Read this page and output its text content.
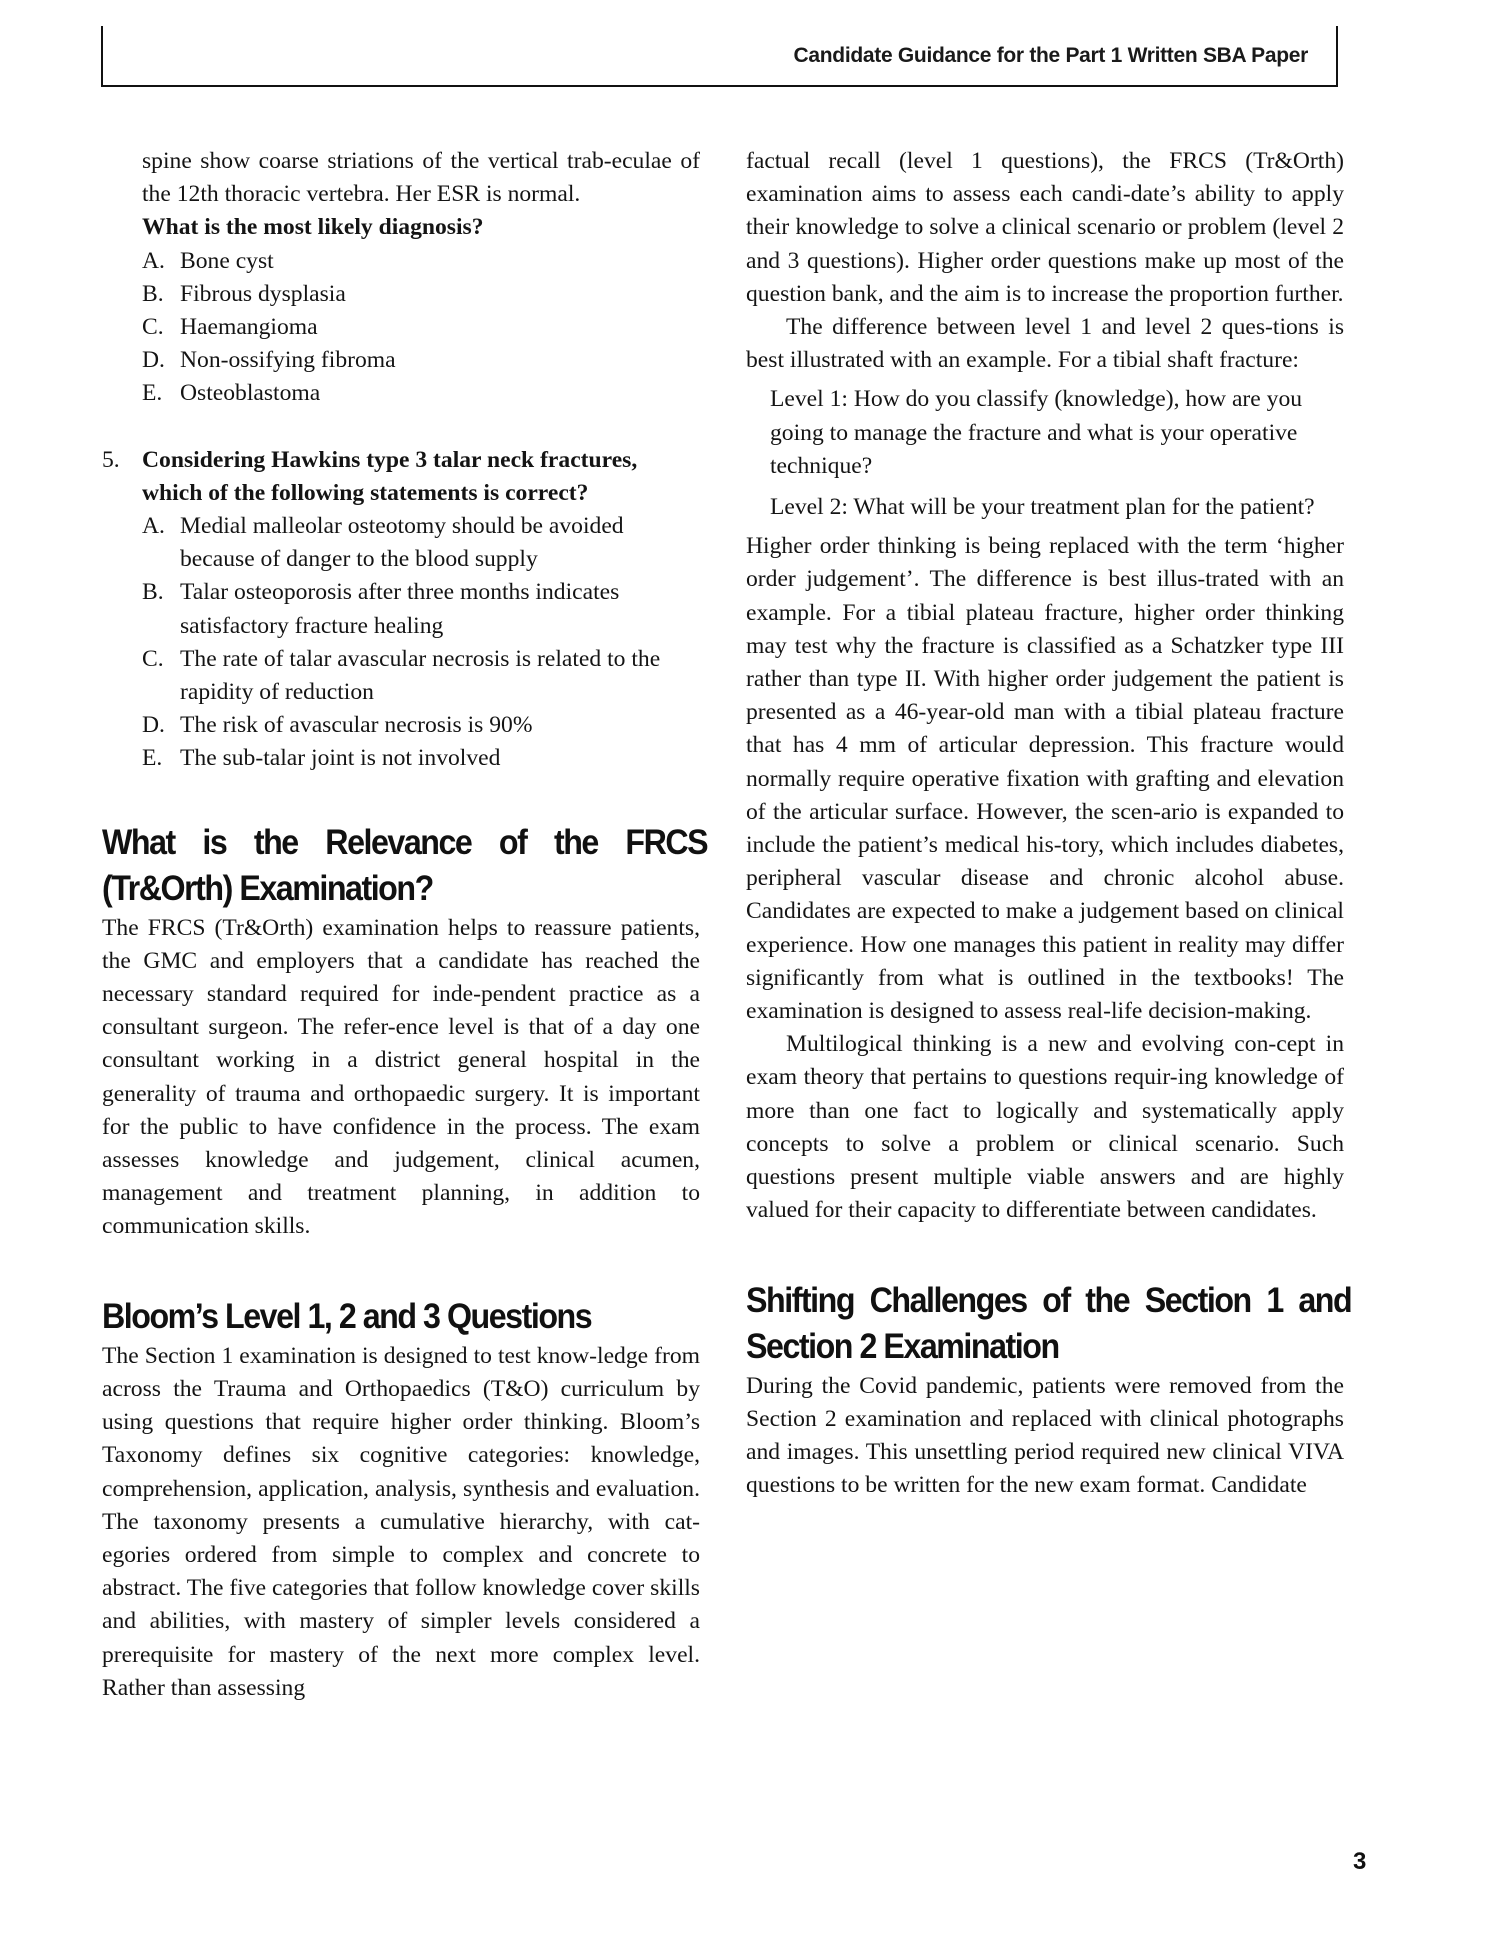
Candidate Guidance for the Part 1 Written SBA Paper

spine show coarse striations of the vertical trab-eculae of the 12th thoracic vertebra. Her ESR is normal.

What is the most likely diagnosis?

A. Bone cyst
B. Fibrous dysplasia
C. Haemangioma
D. Non-ossifying fibroma
E. Osteoblastoma
5. Considering Hawkins type 3 talar neck fractures, which of the following statements is correct?
A. Medial malleolar osteotomy should be avoided because of danger to the blood supply
B. Talar osteoporosis after three months indicates satisfactory fracture healing
C. The rate of talar avascular necrosis is related to the rapidity of reduction
D. The risk of avascular necrosis is 90%
E. The sub-talar joint is not involved
What is the Relevance of the FRCS (Tr&Orth) Examination?

The FRCS (Tr&Orth) examination helps to reassure patients, the GMC and employers that a candidate has reached the necessary standard required for inde-pendent practice as a consultant surgeon. The refer-ence level is that of a day one consultant working in a district general hospital in the generality of trauma and orthopaedic surgery. It is important for the public to have confidence in the process. The exam assesses knowledge and judgement, clinical acumen, management and treatment planning, in addition to communication skills.

Bloom’s Level 1, 2 and 3 Questions

The Section 1 examination is designed to test know-ledge from across the Trauma and Orthopaedics (T&O) curriculum by using questions that require higher order thinking. Bloom’s Taxonomy defines six cognitive categories: knowledge, comprehension, application, analysis, synthesis and evaluation. The taxonomy presents a cumulative hierarchy, with cat-egories ordered from simple to complex and concrete to abstract. The five categories that follow knowledge cover skills and abilities, with mastery of simpler levels considered a prerequisite for mastery of the next more complex level. Rather than assessing

factual recall (level 1 questions), the FRCS (Tr&Orth) examination aims to assess each candi-date’s ability to apply their knowledge to solve a clinical scenario or problem (level 2 and 3 questions). Higher order questions make up most of the question bank, and the aim is to increase the proportion further.

The difference between level 1 and level 2 ques-tions is best illustrated with an example. For a tibial shaft fracture:

Level 1: How do you classify (knowledge), how are you going to manage the fracture and what is your operative technique?

Level 2: What will be your treatment plan for the patient?

Higher order thinking is being replaced with the term ‘higher order judgement’. The difference is best illus-trated with an example. For a tibial plateau fracture, higher order thinking may test why the fracture is classified as a Schatzker type III rather than type II. With higher order judgement the patient is presented as a 46-year-old man with a tibial plateau fracture that has 4 mm of articular depression. This fracture would normally require operative fixation with grafting and elevation of the articular surface. However, the scen-ario is expanded to include the patient’s medical his-tory, which includes diabetes, peripheral vascular disease and chronic alcohol abuse. Candidates are expected to make a judgement based on clinical experience. How one manages this patient in reality may differ significantly from what is outlined in the textbooks! The examination is designed to assess real-life decision-making.

Multilogical thinking is a new and evolving con-cept in exam theory that pertains to questions requir-ing knowledge of more than one fact to logically and systematically apply concepts to solve a problem or clinical scenario. Such questions present multiple viable answers and are highly valued for their capacity to differentiate between candidates.

Shifting Challenges of the Section 1 and Section 2 Examination

During the Covid pandemic, patients were removed from the Section 2 examination and replaced with clinical photographs and images. This unsettling period required new clinical VIVA questions to be written for the new exam format. Candidate

3
